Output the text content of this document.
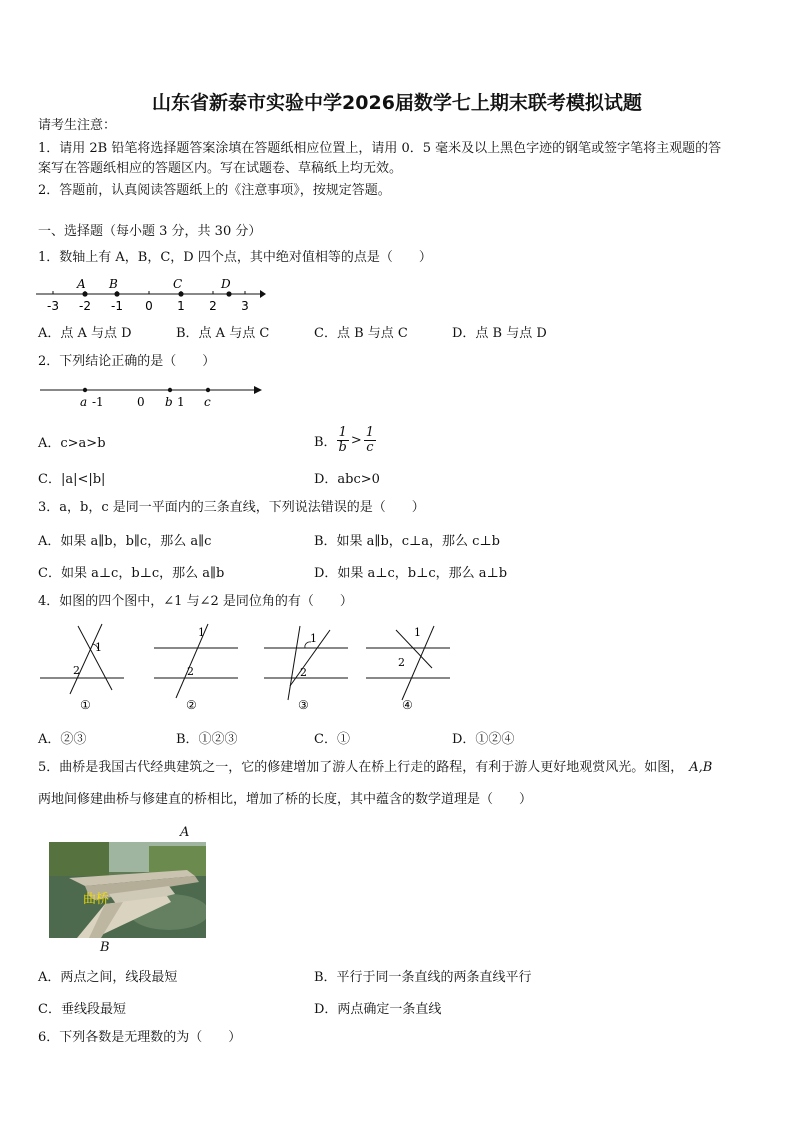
山东省新泰市实验中学2026届数学七上期末联考模拟试题
请考生注意：
1．请用 2B 铅笔将选择题答案涂填在答题纸相应位置上，请用 0．5 毫米及以上黑色字迹的钢笔或签字笔将主观题的答
案写在答题纸相应的答题区内。写在试题卷、草稿纸上均无效。
2．答题前，认真阅读答题纸上的《注意事项》，按规定答题。
一、选择题（每小题 3 分，共 30 分）
1．数轴上有 A，B，C，D 四个点，其中绝对值相等的点是（　　）
-3 -2 -1 0 1 2 3
A B	C	D
A．点 A 与点 D	B．点 A 与点 C	C．点 B 与点 C	D．点 B 与点 D
2．下列结论正确的是（　　）
a -1	0 b 1 c
A．c>a>b	B． $\frac{1}{b} > \frac{1}{c}$
C．|a|<|b|	D．abc>0
3．a，b，c 是同一平面内的三条直线，下列说法错误的是（　　）
A．如果 a∥b，b∥c，那么 a∥c	B．如果 a∥b，c⊥a，那么 c⊥b
C．如果 a⊥c，b⊥c，那么 a∥b	D．如果 a⊥c，b⊥c，那么 a⊥b
4．如图的四个图中，∠1 与∠2 是同位角的有（　　）
1
2
①
1
2
②
1
2
③
1
2
④
A．②③	B．①②③	C．①	D．①②④
5．曲桥是我国古代经典建筑之一，它的修建增加了游人在桥上行走的路程，有利于游人更好地观赏风光。如图， A,B
两地间修建曲桥与修建直的桥相比，增加了桥的长度，其中蕴含的数学道理是（　　）
A
曲桥
B
A．两点之间，线段最短	B．平行于同一条直线的两条直线平行
C．垂线段最短	D．两点确定一条直线
6．下列各数是无理数的为（　　）
